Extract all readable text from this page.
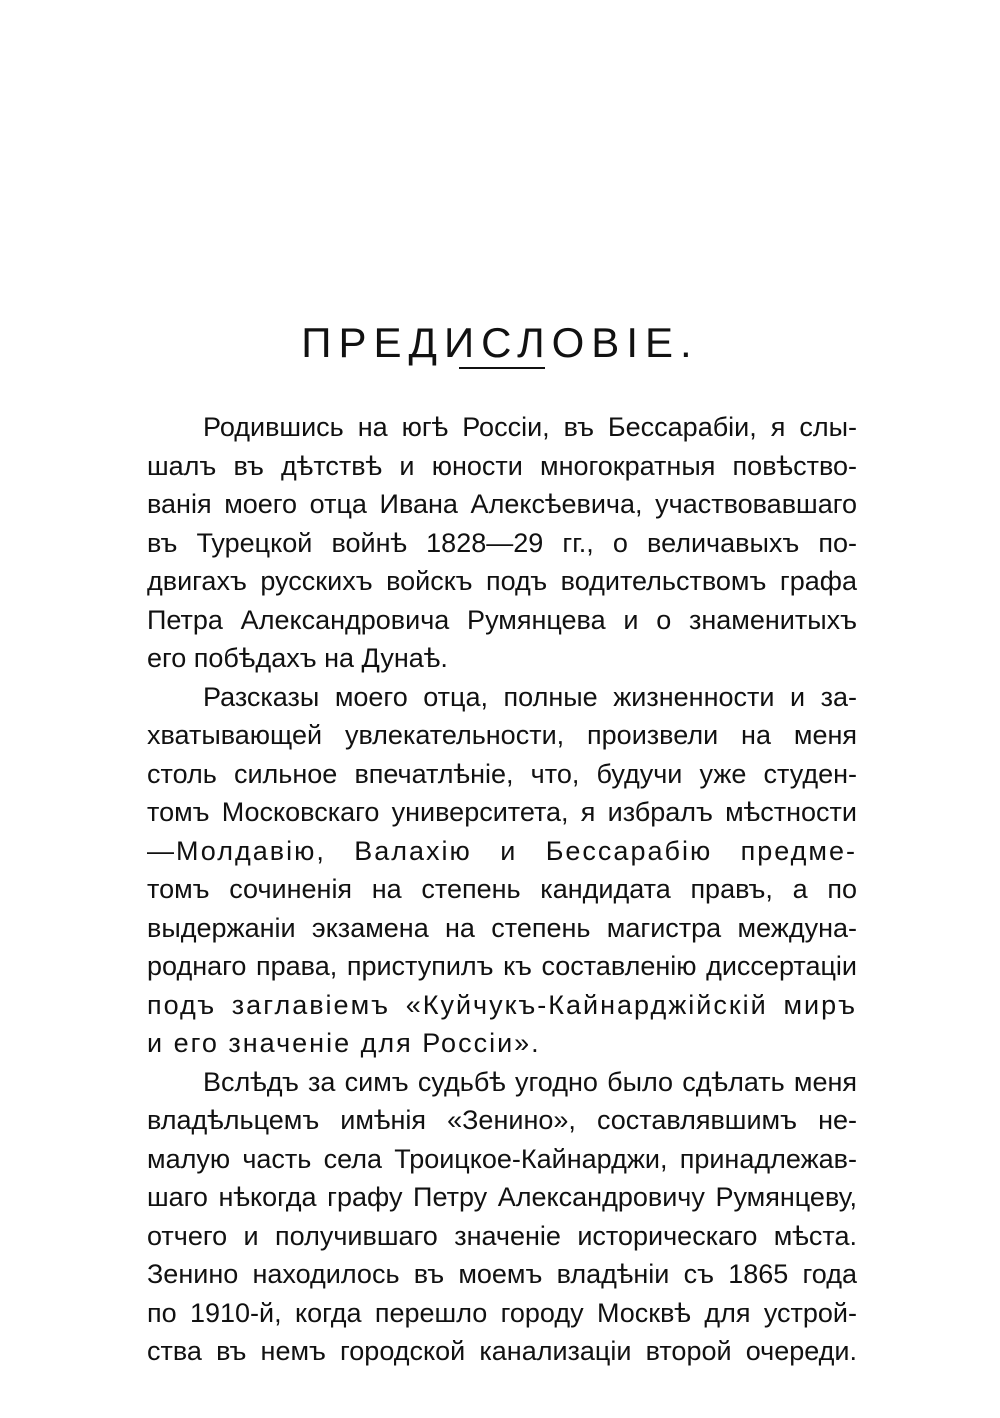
ПРЕДИСЛОВІЕ.
Родившись на югѣ Россіи, въ Бессарабіи, я слы-
шалъ въ дѣтствѣ и юности многократныя повѣство-
ванія моего отца Ивана Алексѣевича, участвовавшаго
въ Турецкой войнѣ 1828—29 гг., о величавыхъ по-
двигахъ русскихъ войскъ подъ водительствомъ графа
Петра Александровича Румянцева и о знаменитыхъ
его побѣдахъ на Дунаѣ.
Разсказы моего отца, полные жизненности и за-
хватывающей увлекательности, произвели на меня
столь сильное впечатлѣніе, что, будучи уже студен-
томъ Московскаго университета, я избралъ мѣстности
—Молдавію, Валахію и Бессарабію предме-
томъ сочиненія на степень кандидата правъ, а по
выдержаніи экзамена на степень магистра междуна-
роднаго права, приступилъ къ составленію диссертаціи
подъ заглавіемъ «Куйчукъ-Кайнарджійскій миръ
и его значеніе для Россіи».
Вслѣдъ за симъ судьбѣ угодно было сдѣлать меня
владѣльцемъ имѣнія «Зенино», составлявшимъ не-
малую часть села Троицкое-Кайнарджи, принадлежав-
шаго нѣкогда графу Петру Александровичу Румянцеву,
отчего и получившаго значеніе историческаго мѣста.
Зенино находилось въ моемъ владѣніи съ 1865 года
по 1910-й, когда перешло городу Москвѣ для устрой-
ства въ немъ городской канализаціи второй очереди.
